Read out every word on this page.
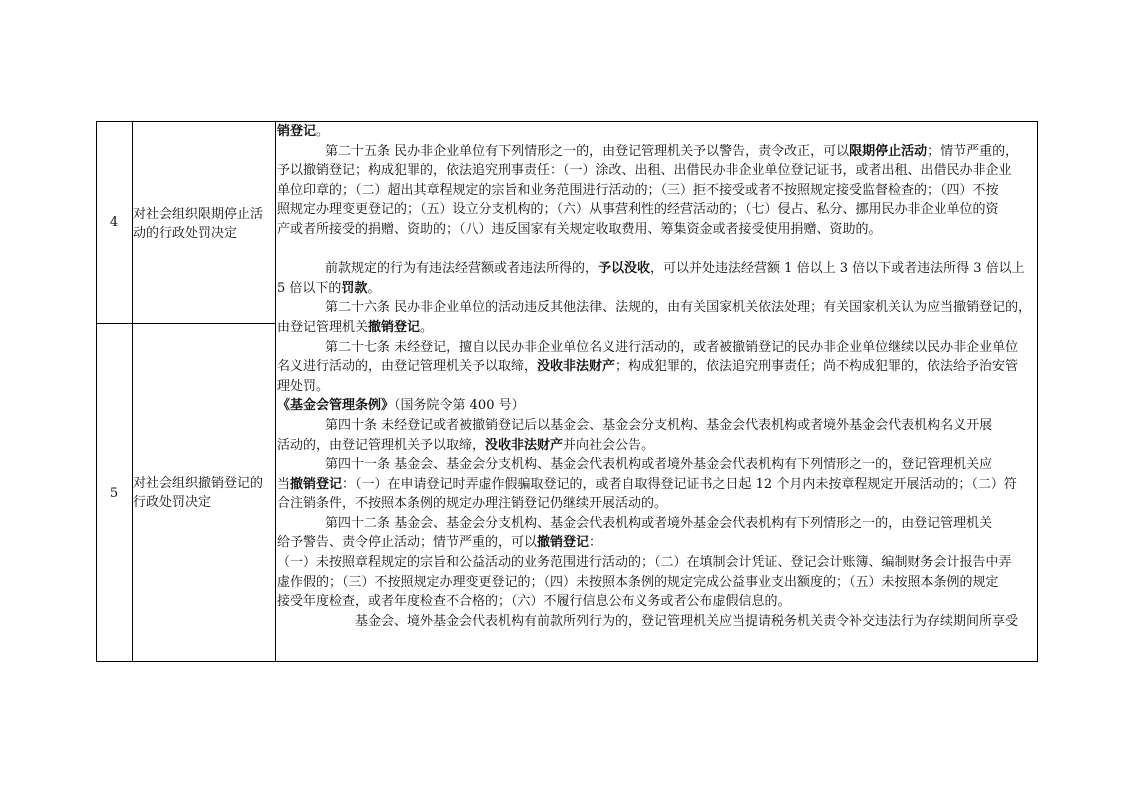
4
对社会组织限期停止活
动的行政处罚决定
5
对社会组织撤销登记的
行政处罚决定
销登记。
第二十五条 民办非企业单位有下列情形之一的，由登记管理机关予以警告，责令改正，可以限期停止活动；情节严重的，
予以撤销登记；构成犯罪的，依法追究刑事责任：（一）涂改、出租、出借民办非企业单位登记证书，或者出租、出借民办非企业
单位印章的；（二）超出其章程规定的宗旨和业务范围进行活动的；（三）拒不接受或者不按照规定接受监督检查的；（四）不按
照规定办理变更登记的；（五）设立分支机构的；（六）从事营利性的经营活动的；（七）侵占、私分、挪用民办非企业单位的资
产或者所接受的捐赠、资助的；（八）违反国家有关规定收取费用、筹集资金或者接受使用捐赠、资助的。
前款规定的行为有违法经营额或者违法所得的，予以没收，可以并处违法经营额 1 倍以上 3 倍以下或者违法所得 3 倍以上
5 倍以下的罚款。
第二十六条 民办非企业单位的活动违反其他法律、法规的，由有关国家机关依法处理；有关国家机关认为应当撤销登记的，
由登记管理机关撤销登记。
第二十七条 未经登记，擅自以民办非企业单位名义进行活动的，或者被撤销登记的民办非企业单位继续以民办非企业单位
名义进行活动的，由登记管理机关予以取缔，没收非法财产；构成犯罪的，依法追究刑事责任；尚不构成犯罪的，依法给予治安管
理处罚。
《基金会管理条例》（国务院令第 400 号）
第四十条 未经登记或者被撤销登记后以基金会、基金会分支机构、基金会代表机构或者境外基金会代表机构名义开展
活动的，由登记管理机关予以取缔，没收非法财产并向社会公告。
第四十一条 基金会、基金会分支机构、基金会代表机构或者境外基金会代表机构有下列情形之一的，登记管理机关应
当撤销登记：（一）在申请登记时弄虚作假骗取登记的，或者自取得登记证书之日起 12 个月内未按章程规定开展活动的；（二）符
合注销条件，不按照本条例的规定办理注销登记仍继续开展活动的。
第四十二条 基金会、基金会分支机构、基金会代表机构或者境外基金会代表机构有下列情形之一的，由登记管理机关
给予警告、责令停止活动；情节严重的，可以撤销登记：
（一）未按照章程规定的宗旨和公益活动的业务范围进行活动的；（二）在填制会计凭证、登记会计账簿、编制财务会计报告中弄
虚作假的；（三）不按照规定办理变更登记的；（四）未按照本条例的规定完成公益事业支出额度的；（五）未按照本条例的规定
接受年度检查，或者年度检查不合格的；（六）不履行信息公布义务或者公布虚假信息的。
基金会、境外基金会代表机构有前款所列行为的，登记管理机关应当提请税务机关责令补交违法行为存续期间所享受
